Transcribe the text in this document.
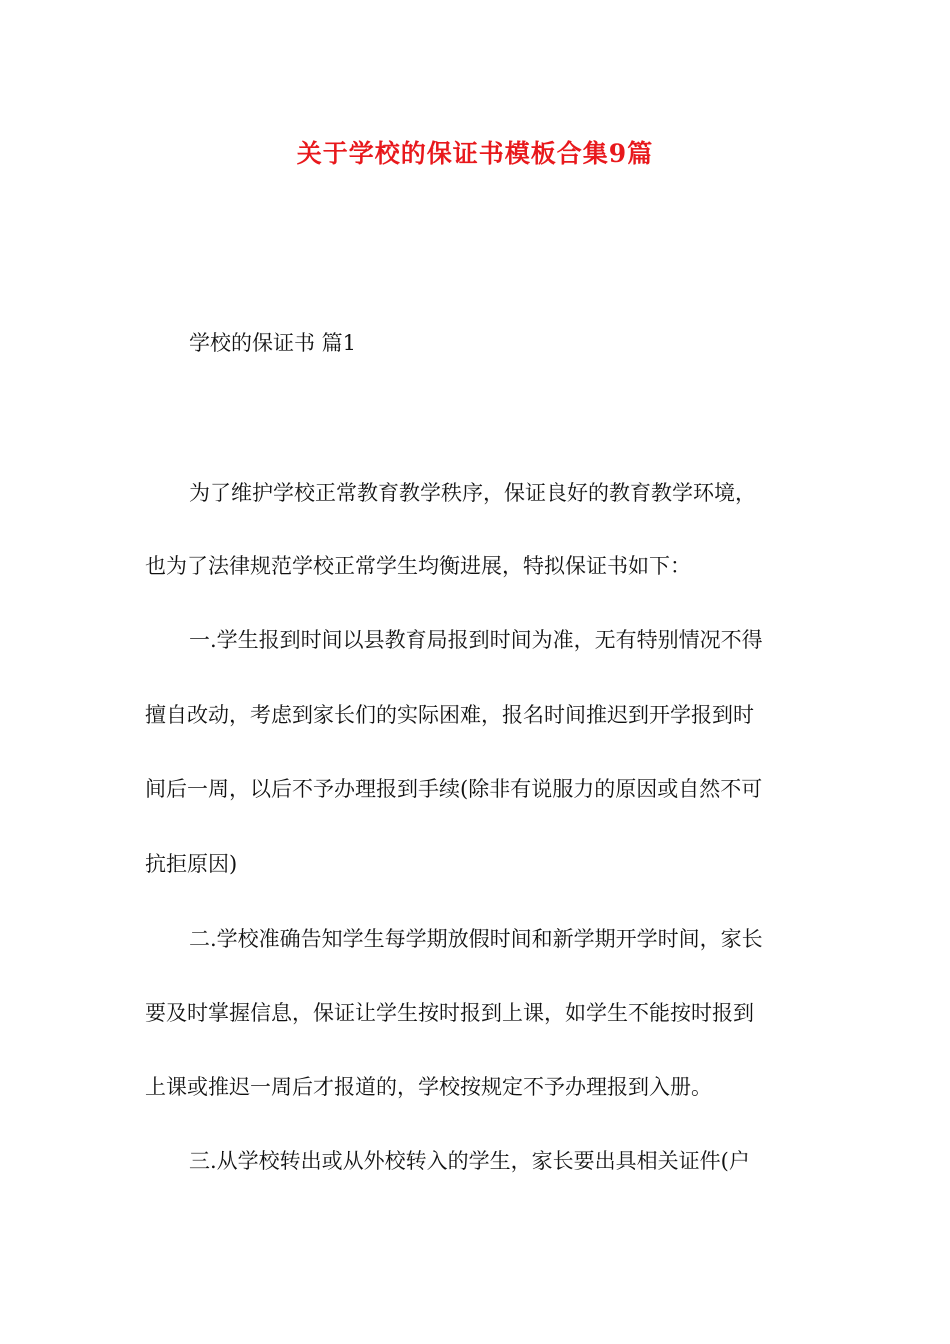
关于学校的保证书模板合集9篇
学校的保证书 篇1
为了维护学校正常教育教学秩序，保证良好的教育教学环境，
也为了法律规范学校正常学生均衡进展，特拟保证书如下：
一.学生报到时间以县教育局报到时间为准，无有特别情况不得
擅自改动，考虑到家长们的实际困难，报名时间推迟到开学报到时
间后一周，以后不予办理报到手续(除非有说服力的原因或自然不可
抗拒原因)
二.学校准确告知学生每学期放假时间和新学期开学时间，家长
要及时掌握信息，保证让学生按时报到上课，如学生不能按时报到
上课或推迟一周后才报道的，学校按规定不予办理报到入册。
三.从学校转出或从外校转入的学生，家长要出具相关证件(户
